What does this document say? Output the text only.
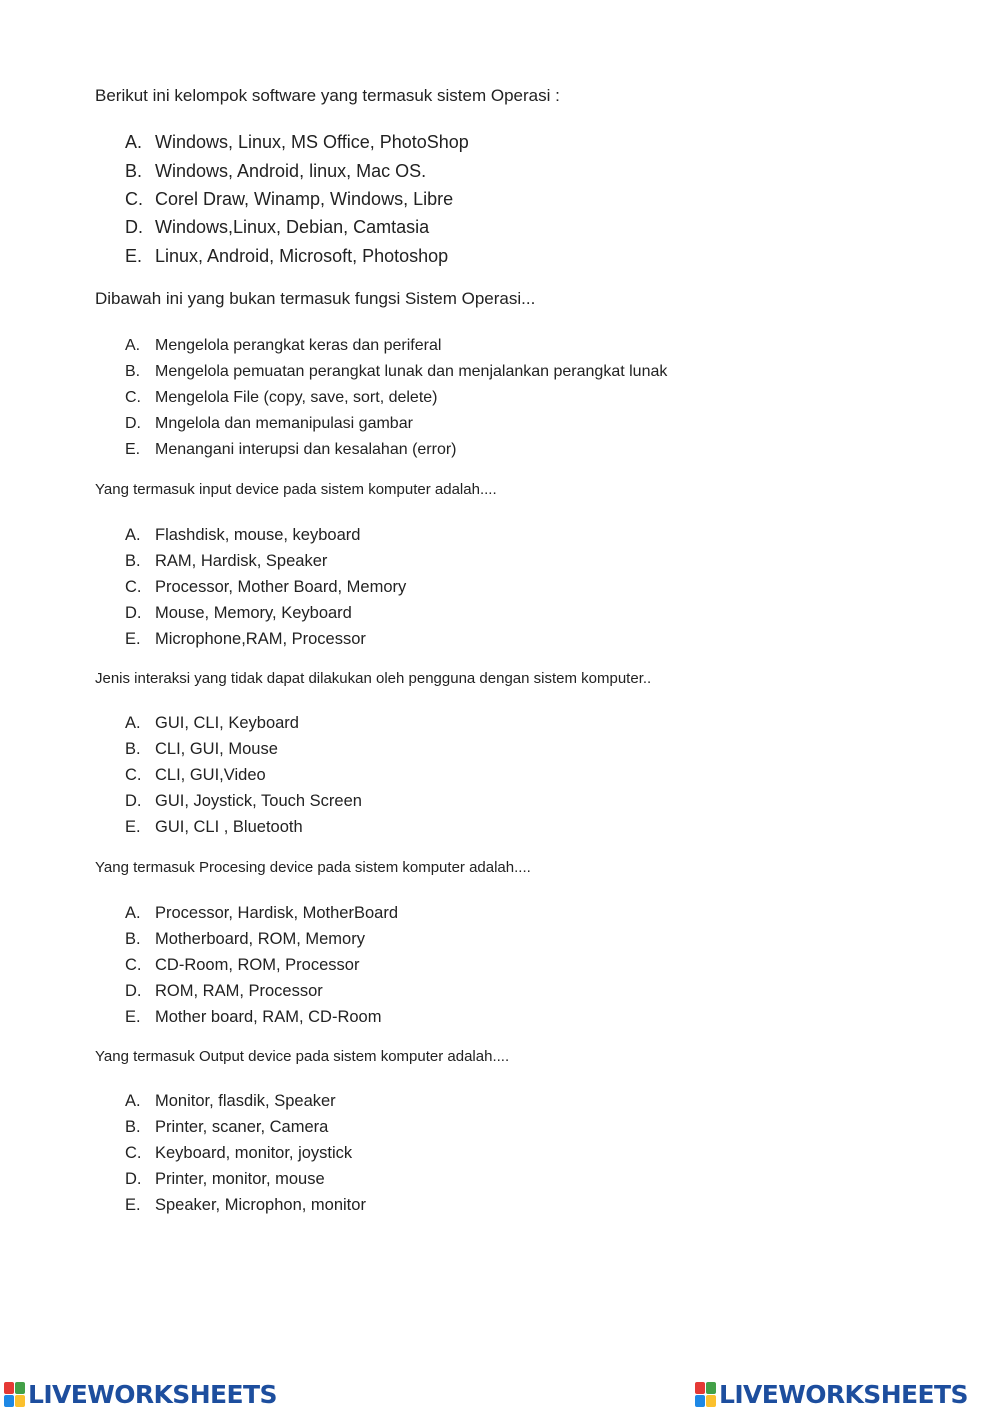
Berikut ini kelompok software yang termasuk sistem Operasi :

A. Windows, Linux, MS Office, PhotoShop
B. Windows, Android, linux, Mac OS.
C. Corel Draw, Winamp, Windows, Libre
D. Windows,Linux, Debian, Camtasia
E. Linux, Android, Microsoft, Photoshop

Dibawah ini yang bukan termasuk fungsi Sistem Operasi...

A. Mengelola perangkat keras dan periferal
B. Mengelola pemuatan perangkat lunak dan menjalankan perangkat lunak
C. Mengelola File (copy, save, sort, delete)
D. Mngelola dan memanipulasi gambar
E. Menangani interupsi dan kesalahan (error)

Yang termasuk input device pada sistem komputer adalah....

A. Flashdisk, mouse, keyboard
B. RAM, Hardisk, Speaker
C. Processor, Mother Board, Memory
D. Mouse, Memory, Keyboard
E. Microphone,RAM, Processor

Jenis interaksi yang tidak dapat dilakukan oleh pengguna dengan sistem komputer..

A. GUI, CLI, Keyboard
B. CLI, GUI, Mouse
C. CLI, GUI,Video
D. GUI, Joystick, Touch Screen
E. GUI, CLI , Bluetooth

Yang termasuk Procesing device pada sistem komputer adalah....

A. Processor, Hardisk, MotherBoard
B. Motherboard, ROM, Memory
C. CD-Room, ROM, Processor
D. ROM, RAM, Processor
E. Mother board, RAM, CD-Room

Yang termasuk Output device pada sistem komputer adalah....

A. Monitor, flasdik, Speaker
B. Printer, scaner, Camera
C. Keyboard, monitor, joystick
D. Printer, monitor, mouse
E. Speaker, Microphon, monitor
LIVEWORKSHEETS	LIVEWORKSHEETS
